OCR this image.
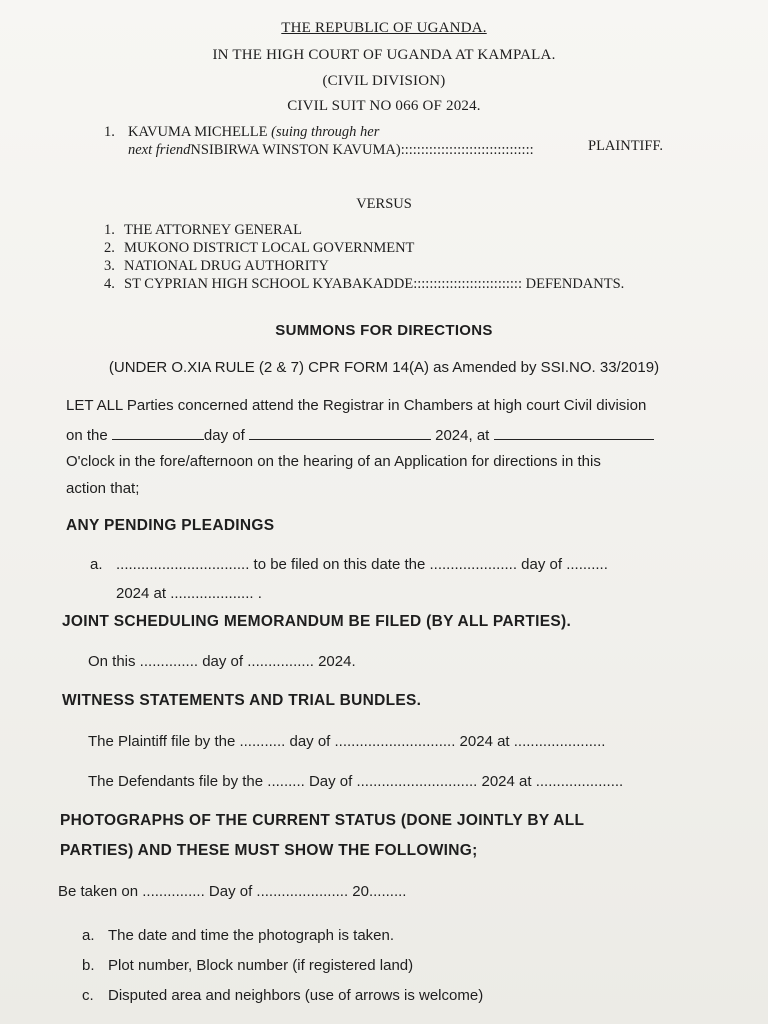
THE REPUBLIC OF UGANDA.
IN THE HIGH COURT OF UGANDA AT KAMPALA.
(CIVIL DIVISION)
CIVIL SUIT NO 066 OF 2024.
1. KAVUMA MICHELLE (suing through her
next friendNSIBIRWA WINSTON KAVUMA):::::::::::::::::::::::::::::::::	PLAINTIFF.
VERSUS
1. THE ATTORNEY GENERAL
2. MUKONO DISTRICT LOCAL GOVERNMENT
3. NATIONAL DRUG AUTHORITY
4. ST CYPRIAN HIGH SCHOOL KYABAKADDE::::::::::::::::::::::::::: DEFENDANTS.
SUMMONS FOR DIRECTIONS
(UNDER O.XIA RULE (2 & 7) CPR FORM 14(A) as Amended by SSI.NO. 33/2019)
LET ALL Parties concerned attend the Registrar in Chambers at high court Civil division
on the	day of	2024, at
O'clock in the fore/afternoon on the hearing of an Application for directions in this
action that;
ANY PENDING PLEADINGS
a. ................................ to be filed on this date the ..................... day of ..........
2024 at .................... .
JOINT SCHEDULING MEMORANDUM BE FILED (BY ALL PARTIES).
On this .............. day of ................ 2024.
WITNESS STATEMENTS AND TRIAL BUNDLES.
The Plaintiff file by the ........... day of ............................. 2024 at ......................
The Defendants file by the ......... Day of ............................. 2024 at .....................
PHOTOGRAPHS OF THE CURRENT STATUS (DONE JOINTLY BY ALL
PARTIES) AND THESE MUST SHOW THE FOLLOWING;
Be taken on ............... Day of ...................... 20.........
a. The date and time the photograph is taken.
b. Plot number, Block number (if registered land)
c. Disputed area and neighbors (use of arrows is welcome)
